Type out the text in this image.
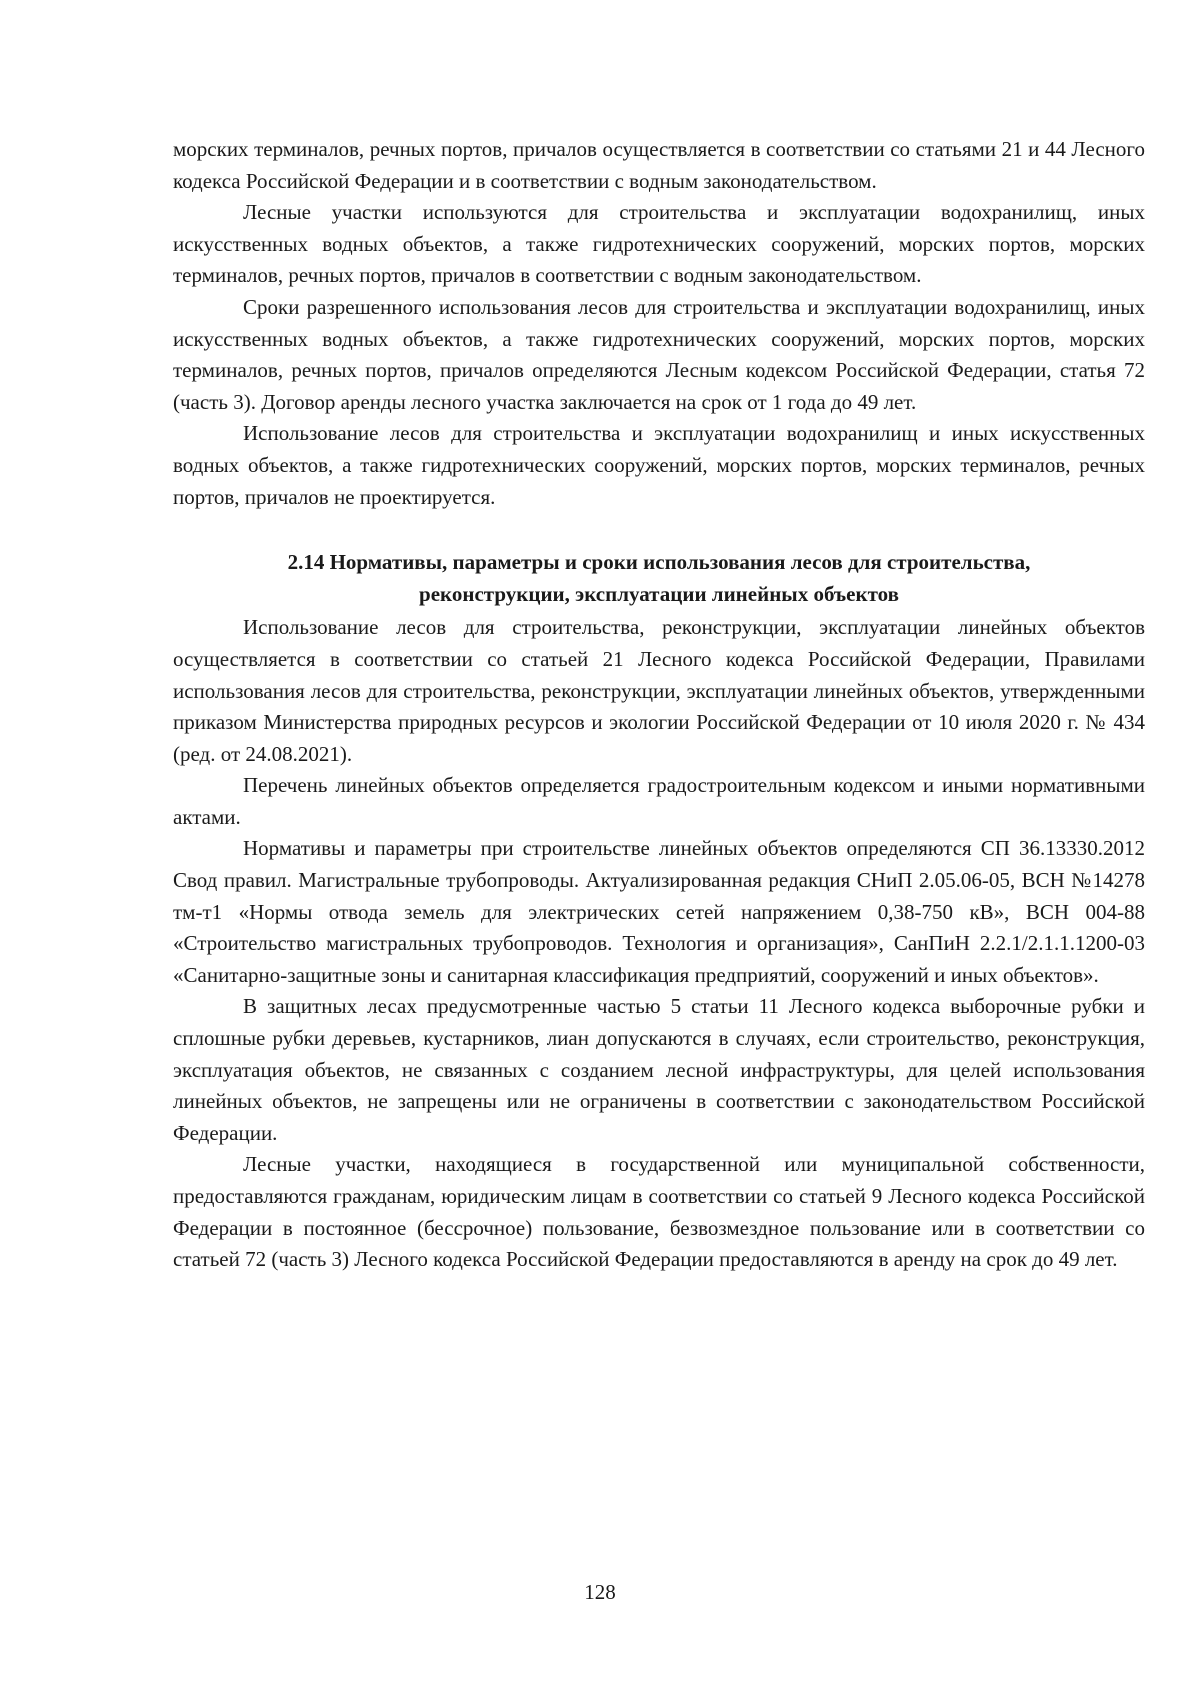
морских терминалов, речных портов, причалов осуществляется в соответствии со статьями 21 и 44 Лесного кодекса Российской Федерации и в соответствии с водным законодательством.

Лесные участки используются для строительства и эксплуатации водохранилищ, иных искусственных водных объектов, а также гидротехнических сооружений, морских портов, морских терминалов, речных портов, причалов в соответствии с водным законодательством.

Сроки разрешенного использования лесов для строительства и эксплуатации водохранилищ, иных искусственных водных объектов, а также гидротехнических сооружений, морских портов, морских терминалов, речных портов, причалов определяются Лесным кодексом Российской Федерации, статья 72 (часть 3). Договор аренды лесного участка заключается на срок от 1 года до 49 лет.

Использование лесов для строительства и эксплуатации водохранилищ и иных искусственных водных объектов, а также гидротехнических сооружений, морских портов, морских терминалов, речных портов, причалов не проектируется.

2.14 Нормативы, параметры и сроки использования лесов для строительства,
реконструкции, эксплуатации линейных объектов

Использование лесов для строительства, реконструкции, эксплуатации линейных объектов осуществляется в соответствии со статьей 21 Лесного кодекса Российской Федерации, Правилами использования лесов для строительства, реконструкции, эксплуатации линейных объектов, утвержденными приказом Министерства природных ресурсов и экологии Российской Федерации от 10 июля 2020 г. № 434 (ред. от 24.08.2021).

Перечень линейных объектов определяется градостроительным кодексом и иными нормативными актами.

Нормативы и параметры при строительстве линейных объектов определяются СП 36.13330.2012 Свод правил. Магистральные трубопроводы. Актуализированная редакция СНиП 2.05.06-05, ВСН №14278 тм-т1 «Нормы отвода земель для электрических сетей напряжением 0,38-750 кВ», ВСН 004-88 «Строительство магистральных трубопроводов. Технология и организация», СанПиН 2.2.1/2.1.1.1200-03 «Санитарно-защитные зоны и санитарная классификация предприятий, сооружений и иных объектов».

В защитных лесах предусмотренные частью 5 статьи 11 Лесного кодекса выборочные рубки и сплошные рубки деревьев, кустарников, лиан допускаются в случаях, если строительство, реконструкция, эксплуатация объектов, не связанных с созданием лесной инфраструктуры, для целей использования линейных объектов, не запрещены или не ограничены в соответствии с законодательством Российской Федерации.

Лесные участки, находящиеся в государственной или муниципальной собственности, предоставляются гражданам, юридическим лицам в соответствии со статьей 9 Лесного кодекса Российской Федерации в постоянное (бессрочное) пользование, безвозмездное пользование или в соответствии со статьей 72 (часть 3) Лесного кодекса Российской Федерации предоставляются в аренду на срок до 49 лет.

128
